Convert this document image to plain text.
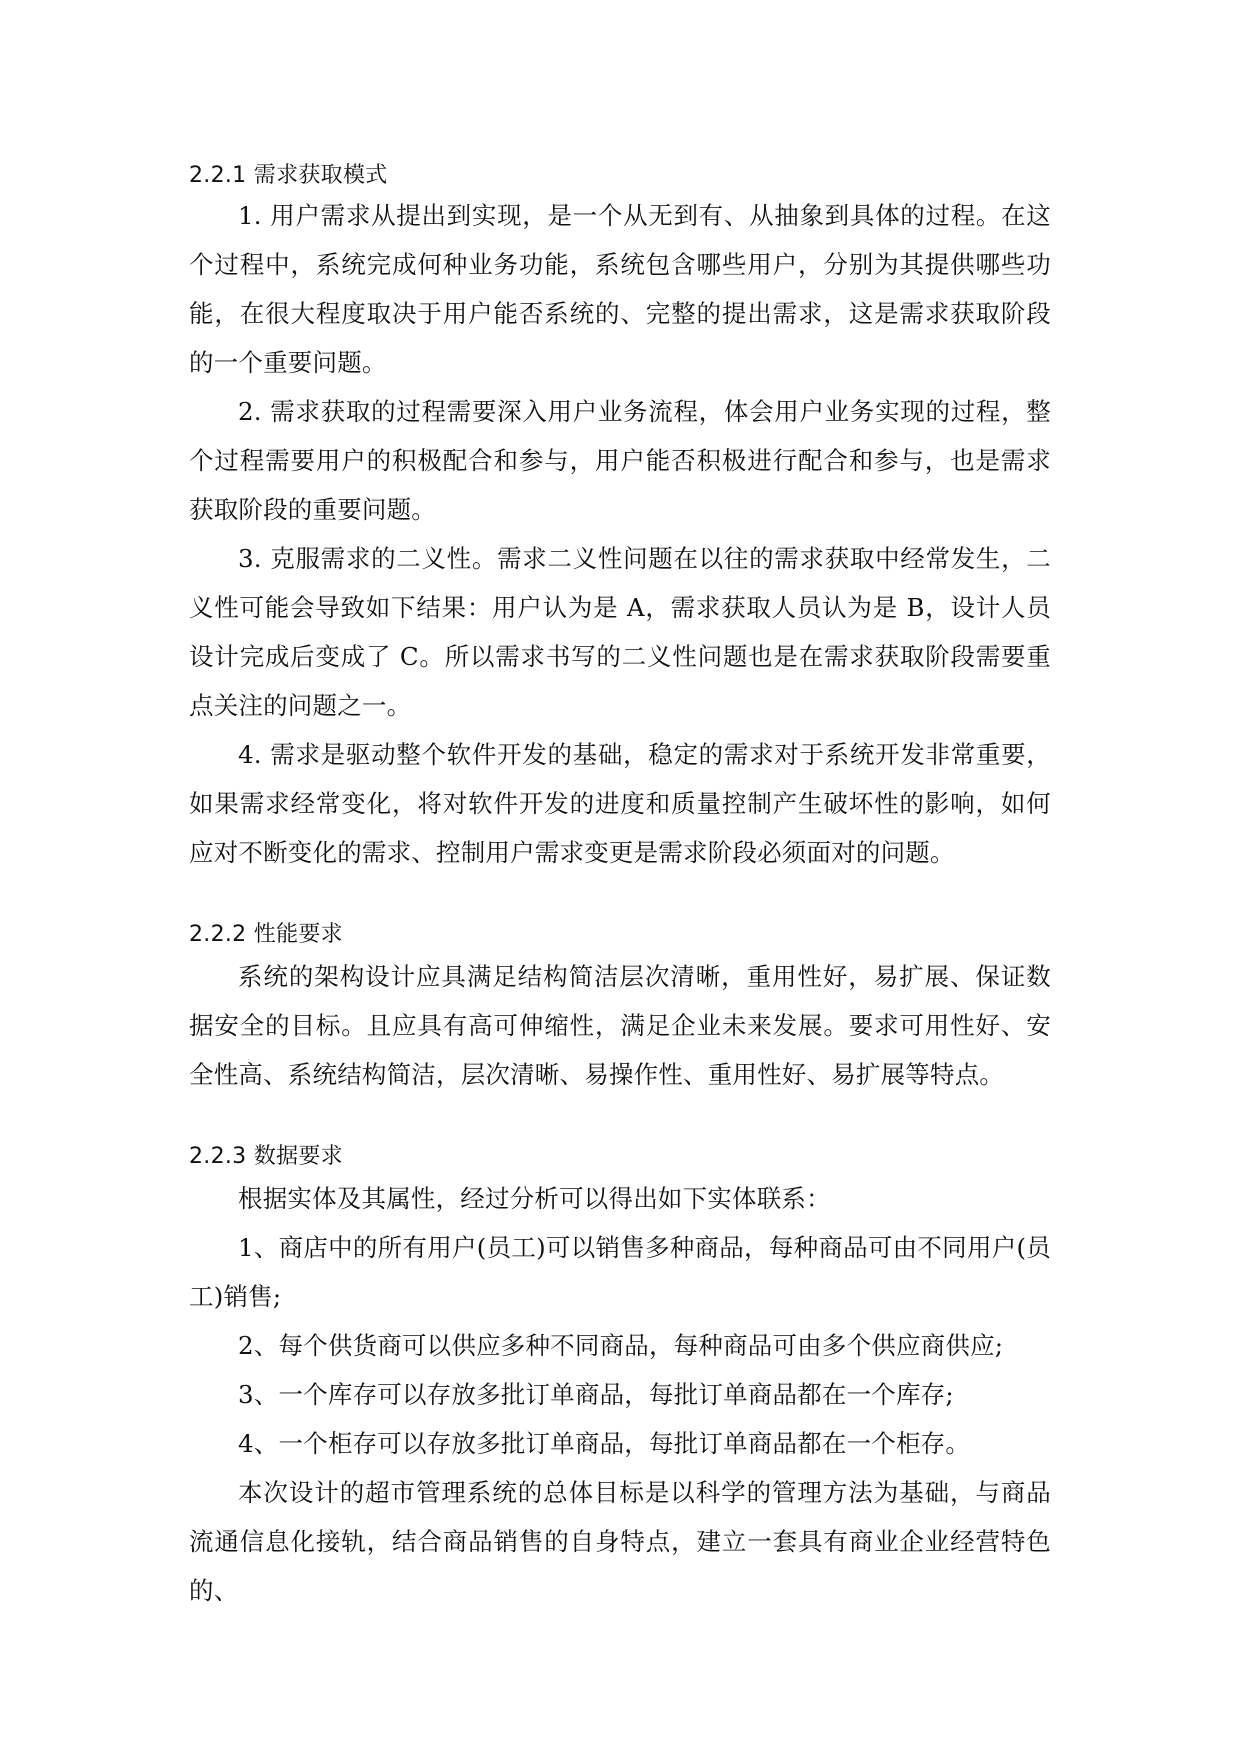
2.2.1 需求获取模式

1. 用户需求从提出到实现，是一个从无到有、从抽象到具体的过程。在这个过程中，系统完成何种业务功能，系统包含哪些用户，分别为其提供哪些功能，在很大程度取决于用户能否系统的、完整的提出需求，这是需求获取阶段的一个重要问题。

2. 需求获取的过程需要深入用户业务流程，体会用户业务实现的过程，整个过程需要用户的积极配合和参与，用户能否积极进行配合和参与，也是需求获取阶段的重要问题。

3. 克服需求的二义性。需求二义性问题在以往的需求获取中经常发生，二义性可能会导致如下结果：用户认为是 A，需求获取人员认为是 B，设计人员设计完成后变成了 C。所以需求书写的二义性问题也是在需求获取阶段需要重点关注的问题之一。

4. 需求是驱动整个软件开发的基础，稳定的需求对于系统开发非常重要，如果需求经常变化，将对软件开发的进度和质量控制产生破坏性的影响，如何应对不断变化的需求、控制用户需求变更是需求阶段必须面对的问题。

2.2.2 性能要求

系统的架构设计应具满足结构简洁层次清晰，重用性好，易扩展、保证数据安全的目标。且应具有高可伸缩性，满足企业未来发展。要求可用性好、安全性高、系统结构简洁，层次清晰、易操作性、重用性好、易扩展等特点。

2.2.3 数据要求

根据实体及其属性，经过分析可以得出如下实体联系：

1、商店中的所有用户(员工)可以销售多种商品，每种商品可由不同用户(员工)销售;

2、每个供货商可以供应多种不同商品，每种商品可由多个供应商供应;

3、一个库存可以存放多批订单商品，每批订单商品都在一个库存;

4、一个柜存可以存放多批订单商品，每批订单商品都在一个柜存。

本次设计的超市管理系统的总体目标是以科学的管理方法为基础，与商品流通信息化接轨，结合商品销售的自身特点，建立一套具有商业企业经营特色的、
